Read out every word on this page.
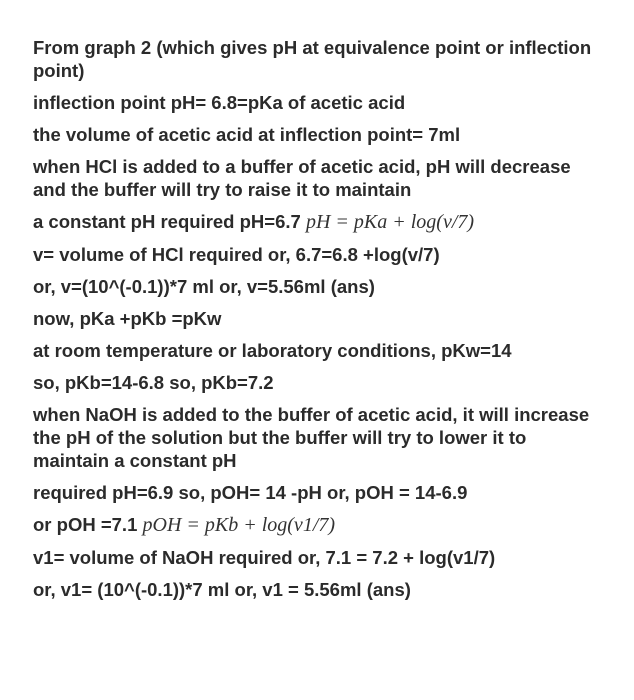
From graph 2 (which gives pH at equivalence point or inflection point)

inflection point pH= 6.8=pKa of acetic acid

the volume of acetic acid at inflection point= 7ml

when HCl is added to a buffer of acetic acid, pH will decrease and the buffer will try to raise it to maintain

a constant pH required pH=6.7 pH = pKa + log(v/7)

v= volume of HCl required or, 6.7=6.8 +log(v/7)

or, v=(10^(-0.1))*7 ml or, v=5.56ml (ans)

now, pKa +pKb =pKw

at room temperature or laboratory conditions, pKw=14

so, pKb=14-6.8 so, pKb=7.2

when NaOH is added to the buffer of acetic acid, it will increase the pH of the solution but the buffer will try to lower it to maintain a constant pH

required pH=6.9 so, pOH= 14 -pH or, pOH = 14-6.9

or pOH =7.1 pOH = pKb + log(v1/7)

v1= volume of NaOH required or, 7.1 = 7.2 + log(v1/7)

or, v1= (10^(-0.1))*7 ml or, v1 = 5.56ml (ans)
